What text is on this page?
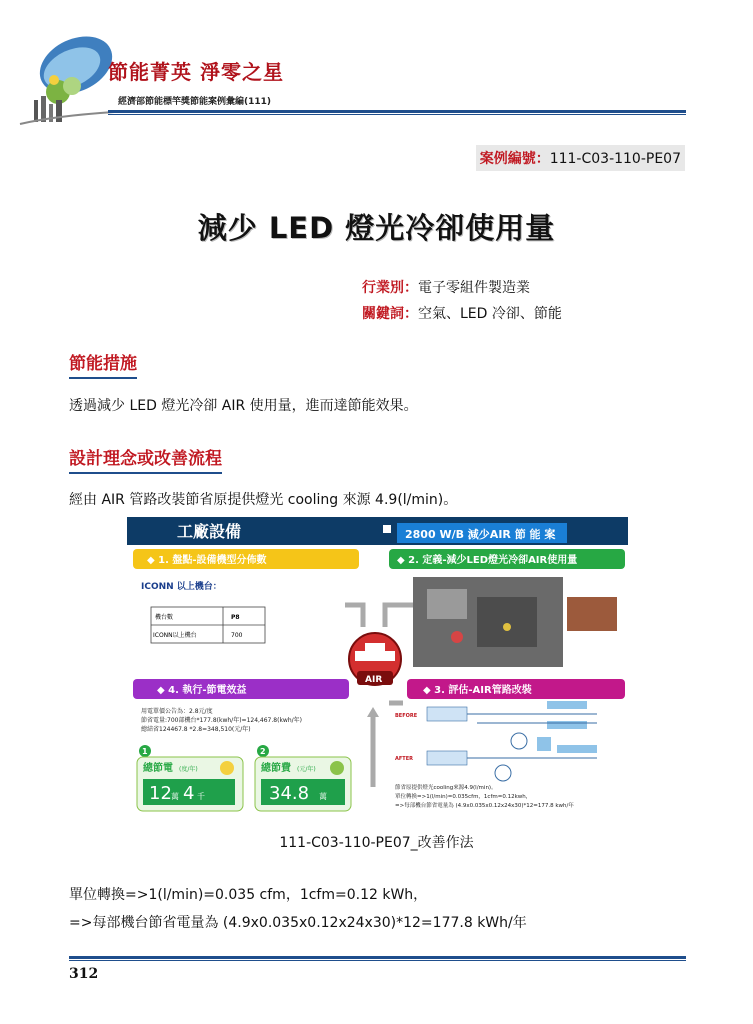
節能菁英 淨零之星
經濟部節能標竿獎節能案例彙編(111)
案例編號：111-C03-110-PE07
減少 LED 燈光冷卻使用量
行業別：電子零組件製造業
關鍵詞：空氣、LED 冷卻、節能
節能措施
透過減少 LED 燈光冷卻 AIR 使用量，進而達節能效果。
設計理念或改善流程
經由 AIR 管路改裝節省原提供燈光 cooling 來源 4.9(l/min)。
工廠設備	2800 W/B 減少AIR 節 能 案
◆ 1. 盤點-設備機型分佈數	◆ 2. 定義-減少LED燈光冷卻AIR使用量
ICONN 以上機台：
機台數	P8
ICONN以上機台	700
AIR
◆ 4. 執行-節電效益	◆ 3. 評估-AIR管路改裝
用電單價公告為：2.8元/度
節省電量:700部機台*177.8(kwh/年)=124,467.8(kwh/年)
總結省124467.8 *2.8=348,510(元/年)
1
總節電 (度/年)
12 萬 4 千
2
總節費 (元/年)
34.8 萬
BEFORE
AFTER
節省原提供燈光cooling來源4.9(l/min)。
單位轉換=>1(l/min)=0.035cfm，1cfm=0.12kwh，
=>每部機台節省電量為 (4.9x0.035x0.12x24x30)*12=177.8 kwh/年
111-C03-110-PE07_改善作法
單位轉換=>1(l/min)=0.035 cfm，1cfm=0.12 kWh，
=>每部機台節省電量為 (4.9x0.035x0.12x24x30)*12=177.8 kWh/年
312
